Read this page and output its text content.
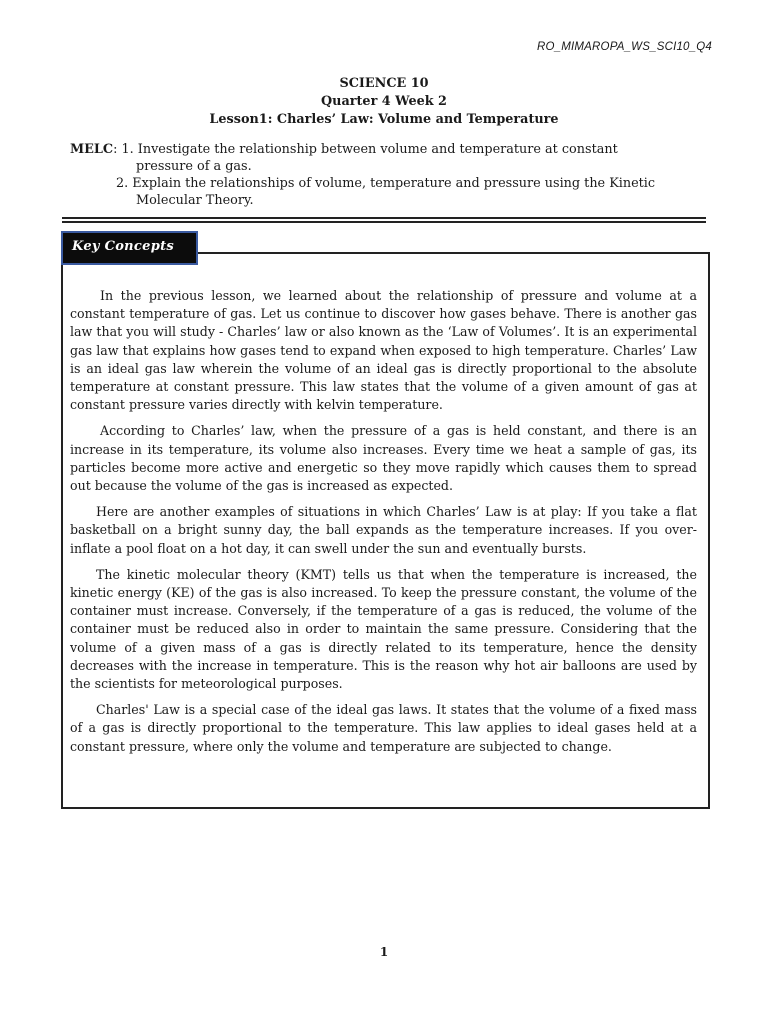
RO_MIMAROPA_WS_SCI10_Q4
SCIENCE 10
Quarter 4 Week 2
Lesson1: Charles’ Law: Volume and Temperature
MELC : 1. Investigate the relationship between volume and temperature at constant
pressure of a gas.
2. Explain the relationships of volume, temperature and pressure using the Kinetic
Molecular Theory.
Key Concepts

In the previous lesson, we learned about the relationship of pressure and volume at a constant temperature of gas. Let us continue to discover how gases behave. There is another gas law that you will study - Charles’ law or also known as the ‘Law of Volumes’. It is an experimental gas law that explains how gases tend to expand when exposed to high temperature. Charles’ Law is an ideal gas law wherein the volume of an ideal gas is directly proportional to the absolute temperature at constant pressure. This law states that the volume of a given amount of gas at constant pressure varies directly with kelvin temperature.

According to Charles’ law, when the pressure of a gas is held constant, and there is an increase in its temperature, its volume also increases. Every time we heat a sample of gas, its particles become more active and energetic so they move rapidly which causes them to spread out because the volume of the gas is increased as expected.

Here are another examples of situations in which Charles’ Law is at play: If you take a flat basketball on a bright sunny day, the ball expands as the temperature increases. If you over-inflate a pool float on a hot day, it can swell under the sun and eventually bursts.

The kinetic molecular theory (KMT) tells us that when the temperature is increased, the kinetic energy (KE) of the gas is also increased. To keep the pressure constant, the volume of the container must increase. Conversely, if the temperature of a gas is reduced, the volume of the container must be reduced also in order to maintain the same pressure. Considering that the volume of a given mass of a gas is directly related to its temperature, hence the density decreases with the increase in temperature. This is the reason why hot air balloons are used by the scientists for meteorological purposes.

Charles' Law is a special case of the ideal gas laws. It states that the volume of a fixed mass of a gas is directly proportional to the temperature. This law applies to ideal gases held at a constant pressure, where only the volume and temperature are subjected to change.

1
